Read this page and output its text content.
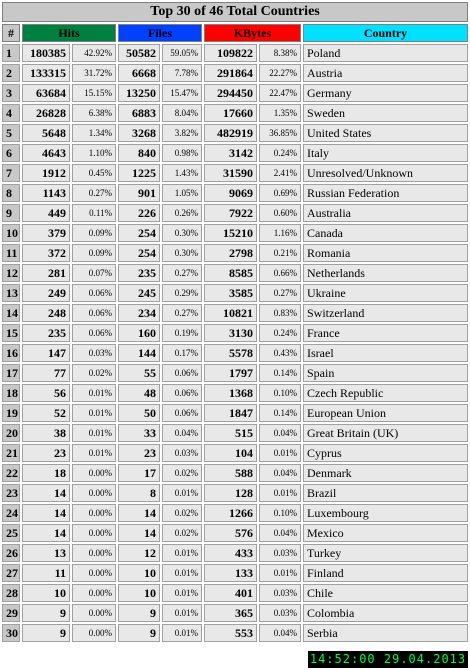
Top 30 of 46 Total Countries							
#	Hits		Files		KBytes		Country
1	180385	42.92%	50582	59.05%	109822	8.38%	Poland
2	133315	31.72%	6668	7.78%	291864	22.27%	Austria
3	63684	15.15%	13250	15.47%	294450	22.47%	Germany
4	26828	6.38%	6883	8.04%	17660	1.35%	Sweden
5	5648	1.34%	3268	3.82%	482919	36.85%	United States
6	4643	1.10%	840	0.98%	3142	0.24%	Italy
7	1912	0.45%	1225	1.43%	31590	2.41%	Unresolved/Unknown
8	1143	0.27%	901	1.05%	9069	0.69%	Russian Federation
9	449	0.11%	226	0.26%	7922	0.60%	Australia
10	379	0.09%	254	0.30%	15210	1.16%	Canada
11	372	0.09%	254	0.30%	2798	0.21%	Romania
12	281	0.07%	235	0.27%	8585	0.66%	Netherlands
13	249	0.06%	245	0.29%	3585	0.27%	Ukraine
14	248	0.06%	234	0.27%	10821	0.83%	Switzerland
15	235	0.06%	160	0.19%	3130	0.24%	France
16	147	0.03%	144	0.17%	5578	0.43%	Israel
17	77	0.02%	55	0.06%	1797	0.14%	Spain
18	56	0.01%	48	0.06%	1368	0.10%	Czech Republic
19	52	0.01%	50	0.06%	1847	0.14%	European Union
20	38	0.01%	33	0.04%	515	0.04%	Great Britain (UK)
21	23	0.01%	23	0.03%	104	0.01%	Cyprus
22	18	0.00%	17	0.02%	588	0.04%	Denmark
23	14	0.00%	8	0.01%	128	0.01%	Brazil
24	14	0.00%	14	0.02%	1266	0.10%	Luxembourg
25	14	0.00%	14	0.02%	576	0.04%	Mexico
26	13	0.00%	12	0.01%	433	0.03%	Turkey
27	11	0.00%	10	0.01%	133	0.01%	Finland
28	10	0.00%	10	0.01%	401	0.03%	Chile
29	9	0.00%	9	0.01%	365	0.03%	Colombia
30	9	0.00%	9	0.01%	553	0.04%	Serbia
14:52:00 29.04.2013
